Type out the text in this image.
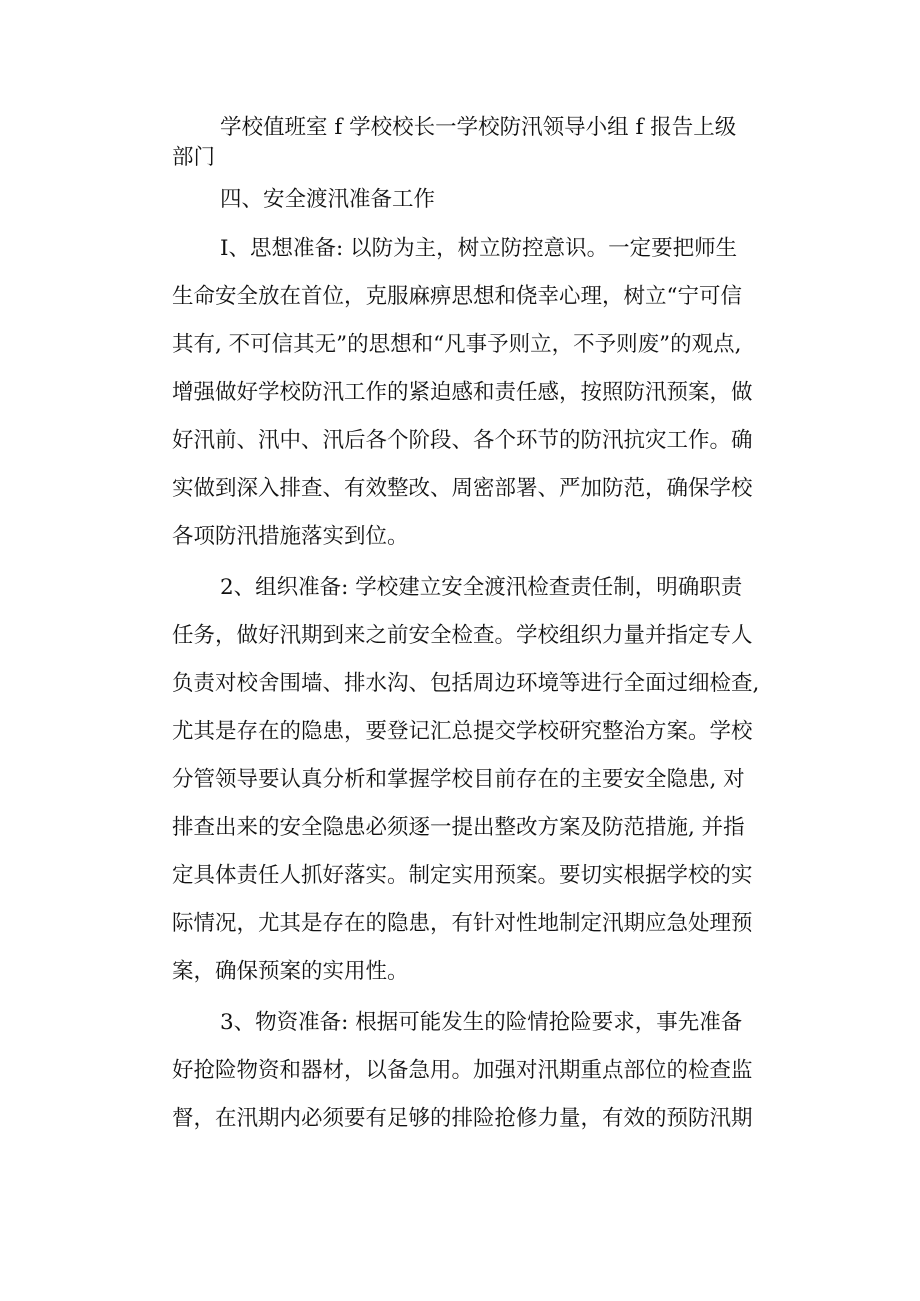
学校值班室 f 学校校长一学校防汛领导小组 f 报告上级
部门
四、安全渡汛准备工作
I、思想准备: 以防为主，树立防控意识。一定要把师生
生命安全放在首位，克服麻痹思想和侥幸心理，树立“宁可信
其有, 不可信其无”的思想和“凡事予则立，不予则废”的观点,
增强做好学校防汛工作的紧迫感和责任感，按照防汛预案，做
好汛前、汛中、汛后各个阶段、各个环节的防汛抗灾工作。确
实做到深入排查、有效整改、周密部署、严加防范，确保学校
各项防汛措施落实到位。
2、组织准备: 学校建立安全渡汛检查责任制，明确职责
任务，做好汛期到来之前安全检查。学校组织力量并指定专人
负责对校舍围墙、排水沟、包括周边环境等进行全面过细检查,
尤其是存在的隐患，要登记汇总提交学校研究整治方案。学校
分管领导要认真分析和掌握学校目前存在的主要安全隐患, 对
排查出来的安全隐患必须逐一提出整改方案及防范措施, 并指
定具体责任人抓好落实。制定实用预案。要切实根据学校的实
际情况，尤其是存在的隐患，有针对性地制定汛期应急处理预
案，确保预案的实用性。
3、物资准备: 根据可能发生的险情抢险要求，事先准备
好抢险物资和器材，以备急用。加强对汛期重点部位的检查监
督，在汛期内必须要有足够的排险抢修力量，有效的预防汛期
